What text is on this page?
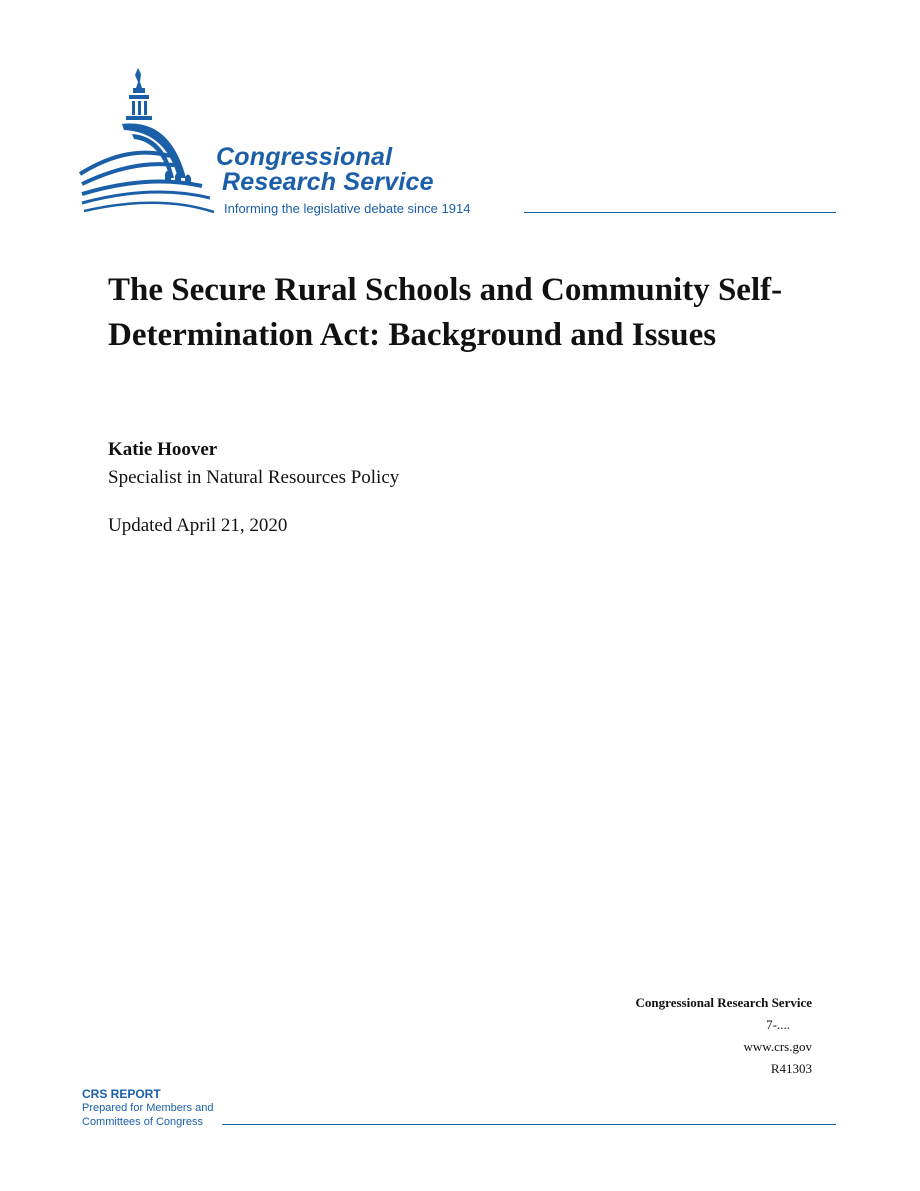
Congressional
Research Service
Informing the legislative debate since 1914
The Secure Rural Schools and Community Self-Determination Act: Background and Issues
Katie Hoover
Specialist in Natural Resources Policy
Updated April 21, 2020
Congressional Research Service
7-....
www.crs.gov
R41303
CRS REPORT
Prepared for Members and
Committees of Congress
